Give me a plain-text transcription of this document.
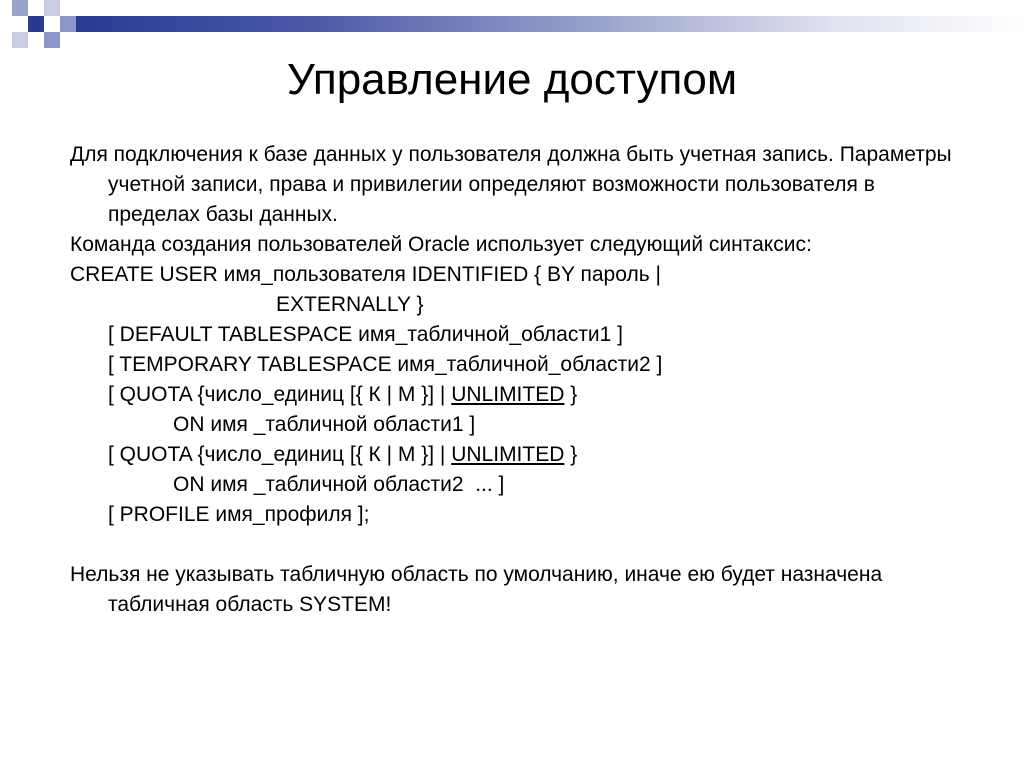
Управление доступом
Для подключения к базе данных у пользователя должна быть учетная запись. Параметры учетной записи, права и привилегии определяют возможности пользователя в пределах базы данных.
Команда создания пользователей Oracle использует следующий синтаксис:
CREATE USER имя_пользователя IDENTIFIED { BY пароль |
EXTERNALLY }
[ DEFAULT TABLESPACE имя_табличной_области1 ]
[ TEMPORARY TABLESPACE имя_табличной_области2 ]
[ QUOTA {число_единиц [{ К | М }] | UNLIMITED }
ON имя _табличной области1 ]
[ QUOTA {число_единиц [{ К | М }] | UNLIMITED }
ON имя _табличной области2  ... ]
[ PROFILE имя_профиля ];
Нельзя не указывать табличную область по умолчанию, иначе ею будет назначена табличная область SYSTEM!
